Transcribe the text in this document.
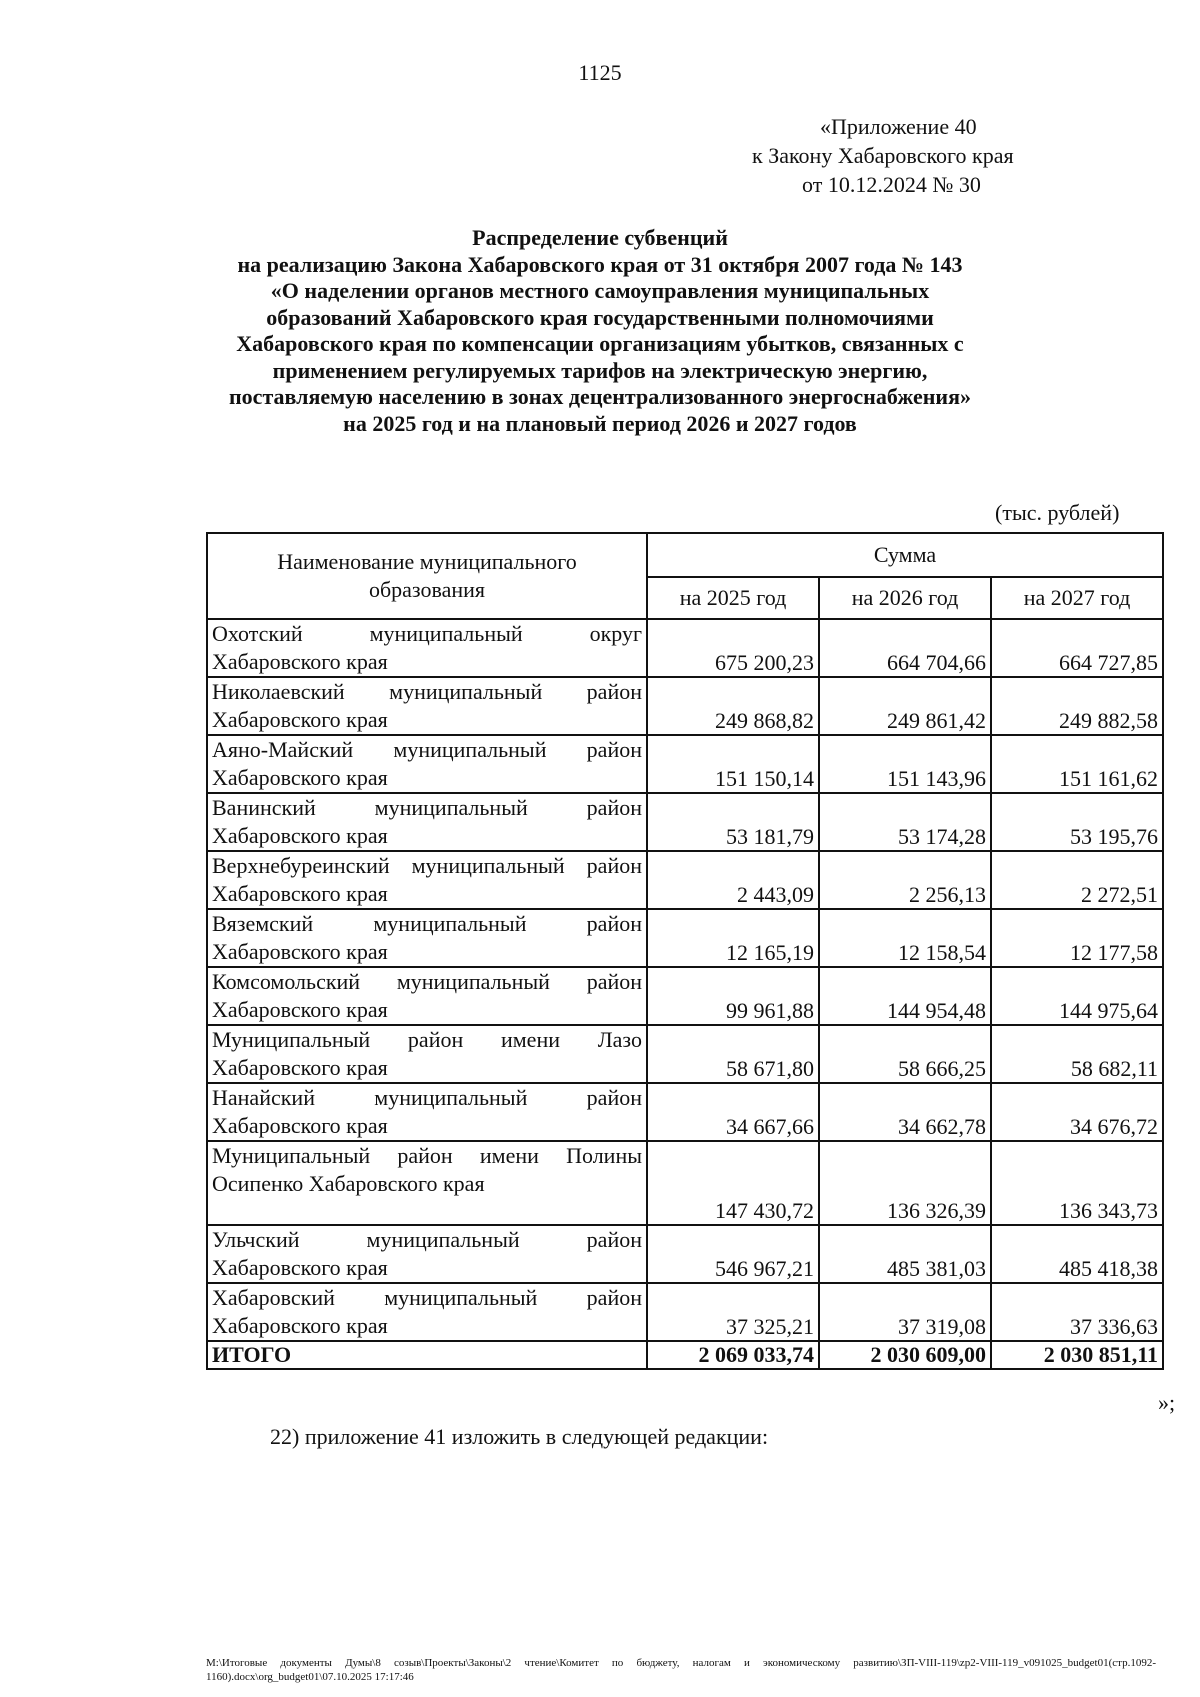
1125
«Приложение 40
к Закону Хабаровского края
от 10.12.2024 № 30
Распределение субвенций
на реализацию Закона Хабаровского края от 31 октября 2007 года № 143
«О наделении органов местного самоуправления муниципальных
образований Хабаровского края государственными полномочиями
Хабаровского края по компенсации организациям убытков, связанных с
применением регулируемых тарифов на электрическую энергию,
поставляемую населению в зонах децентрализованного энергоснабжения»
на 2025 год и на плановый период 2026 и 2027 годов
(тыс. рублей)
Наименование муниципального
образования	Сумма		
	на 2025 год	на 2026 год	на 2027 год
Охотский муниципальный округ Хабаровского края	675 200,23	664 704,66	664 727,85
Николаевский муниципальный район Хабаровского края	249 868,82	249 861,42	249 882,58
Аяно-Майский муниципальный район Хабаровского края	151 150,14	151 143,96	151 161,62
Ванинский муниципальный район Хабаровского края	53 181,79	53 174,28	53 195,76
Верхнебуреинский муниципальный район Хабаровского края	2 443,09	2 256,13	2 272,51
Вяземский муниципальный район Хабаровского края	12 165,19	12 158,54	12 177,58
Комсомольский муниципальный район Хабаровского края	99 961,88	144 954,48	144 975,64
Муниципальный район имени Лазо Хабаровского края	58 671,80	58 666,25	58 682,11
Нанайский муниципальный район Хабаровского края	34 667,66	34 662,78	34 676,72
Муниципальный район имени Полины Осипенко Хабаровского края	147 430,72	136 326,39	136 343,73
Ульчский муниципальный район Хабаровского края	546 967,21	485 381,03	485 418,38
Хабаровский муниципальный район Хабаровского края	37 325,21	37 319,08	37 336,63
ИТОГО	2 069 033,74	2 030 609,00	2 030 851,11
»;
22) приложение 41 изложить в следующей редакции:
M:\Итоговые документы Думы\8 созыв\Проекты\Законы\2 чтение\Комитет по бюджету, налогам и экономическому развитию\ЗП-VIII-119\zp2-VIII-119_v091025_budget01(стр.1092-1160).docx\org_budget01\07.10.2025 17:17:46
